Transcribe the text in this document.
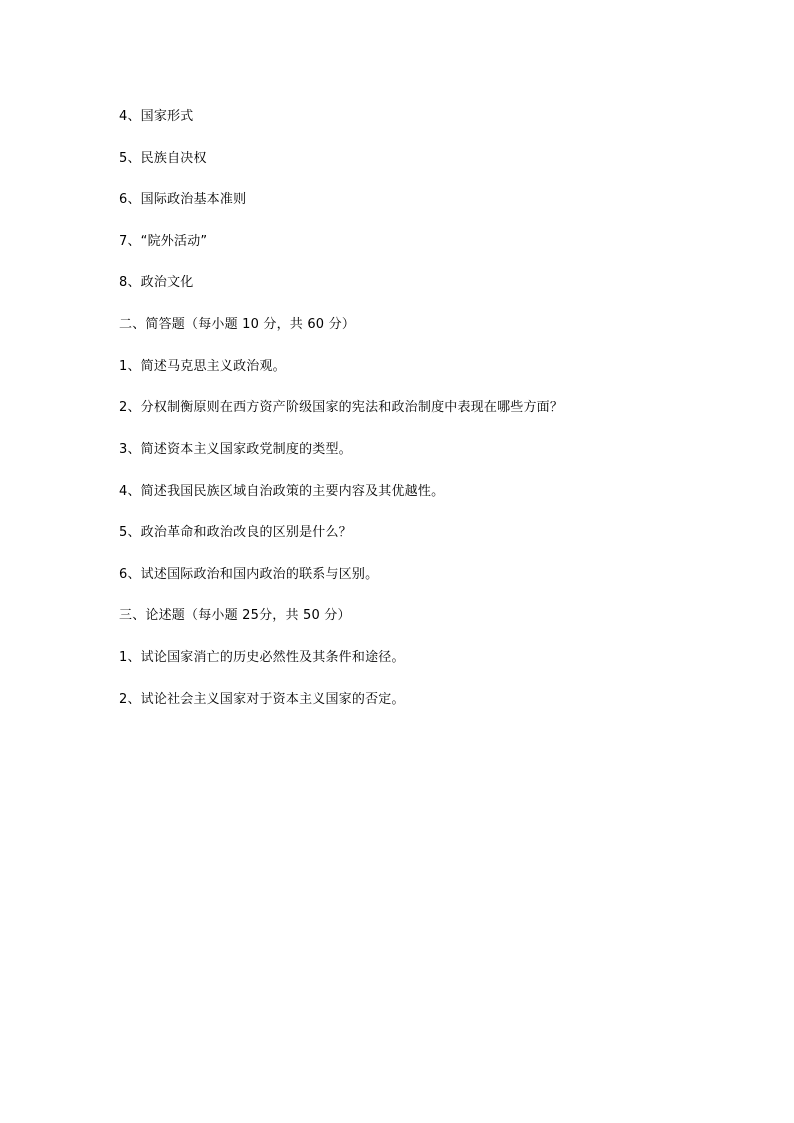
4、国家形式
5、民族自决权
6、国际政治基本准则
7、“院外活动”
8、政治文化
二、简答题（每小题 10 分，共 60 分）
1、简述马克思主义政治观。
2、分权制衡原则在西方资产阶级国家的宪法和政治制度中表现在哪些方面？
3、简述资本主义国家政党制度的类型。
4、简述我国民族区域自治政策的主要内容及其优越性。
5、政治革命和政治改良的区别是什么？
6、试述国际政治和国内政治的联系与区别。
三、论述题（每小题 25分，共 50 分）
1、试论国家消亡的历史必然性及其条件和途径。
2、试论社会主义国家对于资本主义国家的否定。
